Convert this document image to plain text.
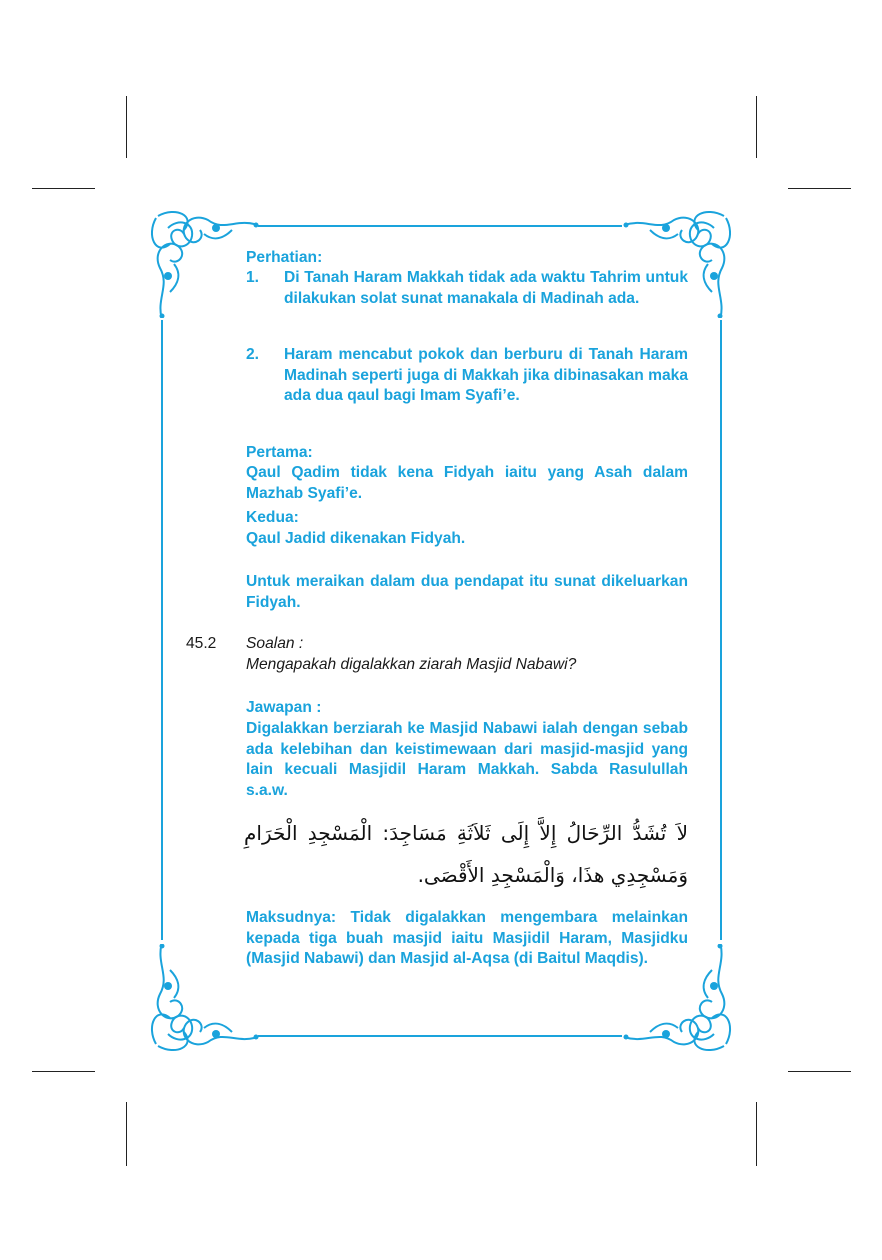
Perhatian:
1. Di Tanah Haram Makkah tidak ada waktu Tahrim untuk dilakukan solat sunat manakala di Madinah ada.
2. Haram mencabut pokok dan berburu di Tanah Haram Madinah seperti juga di Makkah jika dibinasakan maka ada dua qaul bagi Imam Syafi’e.
Pertama:
Qaul Qadim tidak kena Fidyah iaitu yang Asah dalam Mazhab Syafi’e.
Kedua:
Qaul Jadid dikenakan Fidyah.
Untuk meraikan dalam dua pendapat itu sunat dikeluarkan Fidyah.
45.2 Soalan :
Mengapakah digalakkan ziarah Masjid Nabawi?
Jawapan :
Digalakkan berziarah ke Masjid Nabawi ialah dengan sebab ada kelebihan dan keistimewaan dari masjid-masjid yang lain kecuali Masjidil Haram Makkah. Sabda Rasulullah s.a.w.
لاَ تُشَدُّ الرِّحَالُ إِلاَّ إِلَى ثَلاَثَةِ مَسَاجِدَ: الْمَسْجِدِ الْحَرَامِ وَمَسْجِدِي هذَا، وَالْمَسْجِدِ الأَقْصَى.
Maksudnya: Tidak digalakkan mengembara melainkan kepada tiga buah masjid iaitu Masjidil Haram, Masjidku (Masjid Nabawi) dan Masjid al-Aqsa (di Baitul Maqdis).
